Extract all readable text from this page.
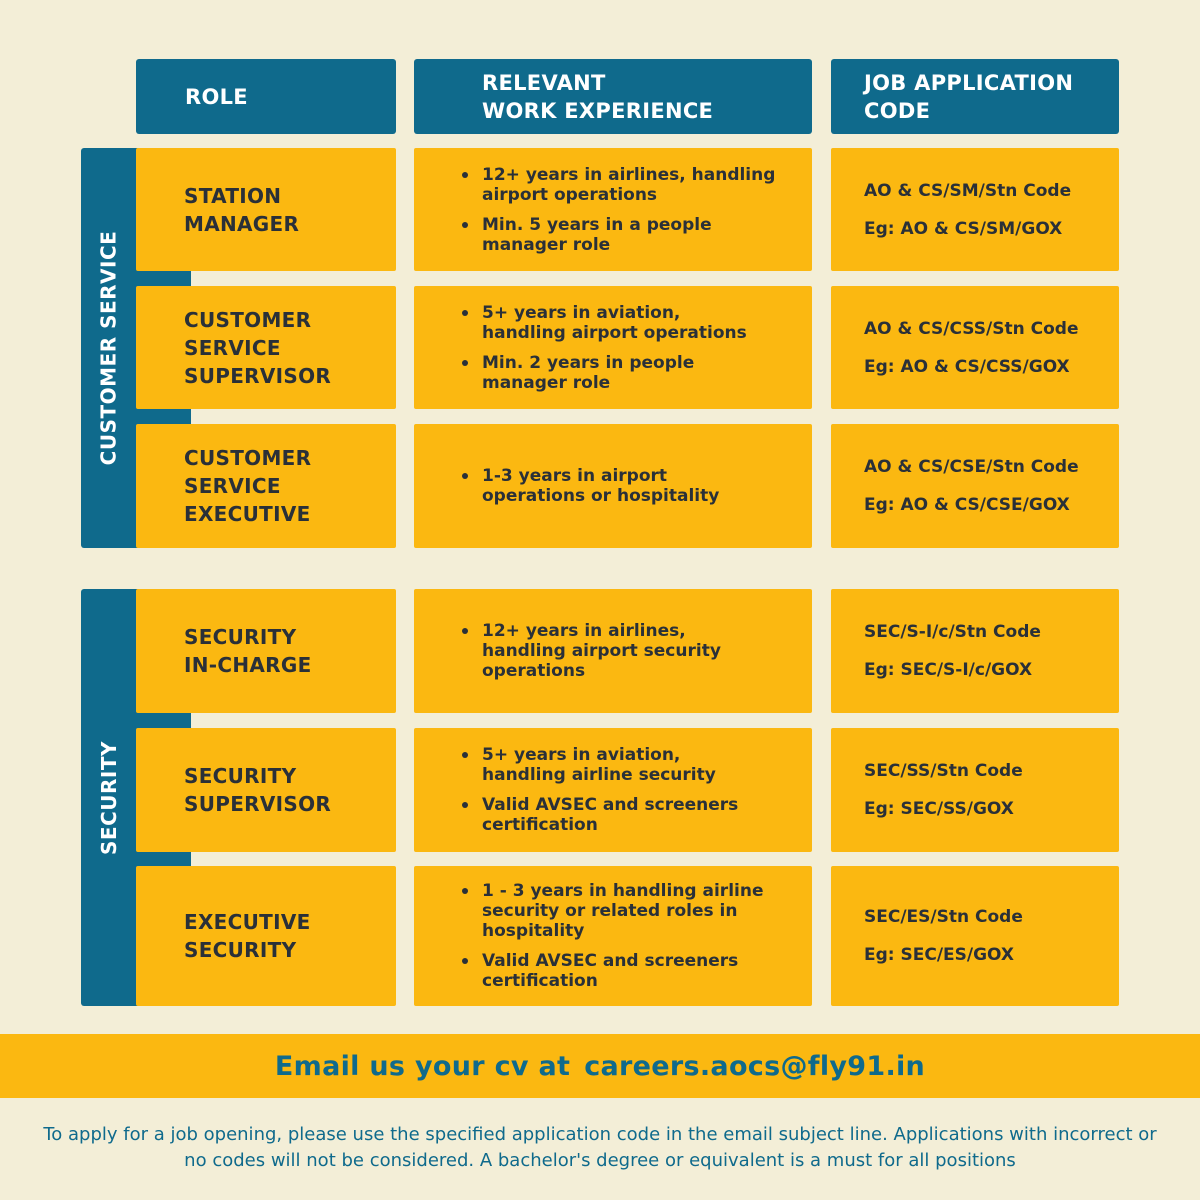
ROLE
RELEVANT
WORK EXPERIENCE
JOB APPLICATION
CODE
CUSTOMER SERVICE
SECURITY
STATION
MANAGER
12+ years in airlines, handling
airport operations
Min. 5 years in a people
manager role
AO & CS/SM/Stn Code
Eg: AO & CS/SM/GOX
CUSTOMER
SERVICE
SUPERVISOR
5+ years in aviation,
handling airport operations
Min. 2 years in people
manager role
AO & CS/CSS/Stn Code
Eg: AO & CS/CSS/GOX
CUSTOMER
SERVICE
EXECUTIVE
1-3 years in airport
operations or hospitality
AO & CS/CSE/Stn Code
Eg: AO & CS/CSE/GOX
SECURITY
IN-CHARGE
12+ years in airlines,
handling airport security
operations
SEC/S-I/c/Stn Code
Eg: SEC/S-I/c/GOX
SECURITY
SUPERVISOR
5+ years in aviation,
handling airline security
Valid AVSEC and screeners
certification
SEC/SS/Stn Code
Eg: SEC/SS/GOX
EXECUTIVE
SECURITY
1 - 3 years in handling airline
security or related roles in
hospitality
Valid AVSEC and screeners
certification
SEC/ES/Stn Code
Eg: SEC/ES/GOX
Email us your cv at careers.aocs@fly91.in
To apply for a job opening, please use the specified application code in the email subject line. Applications with incorrect or no codes will not be considered. A bachelor's degree or equivalent is a must for all positions
